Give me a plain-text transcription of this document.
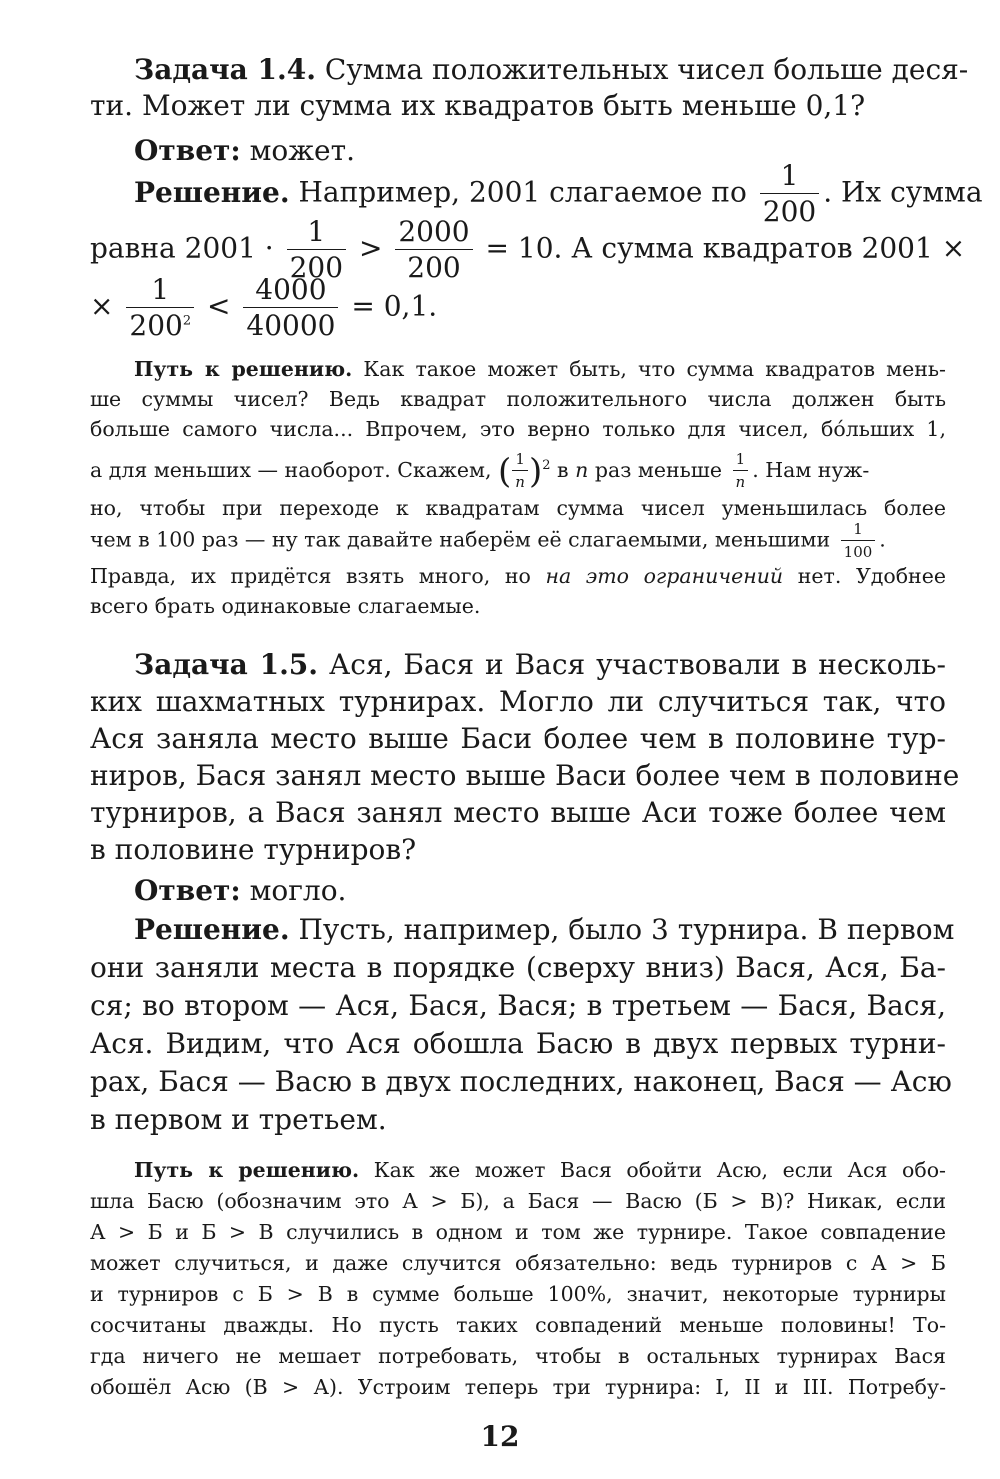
Задача 1.4. Сумма положительных чисел больше деся-
ти. Может ли сумма их квадратов быть меньше 0,1?
Ответ: может.
Решение. Например, 2001 слагаемое по $\frac{1}{200}$ . Их сумма
равна $2001 \cdot \frac{1}{200} > \frac{2000}{200} = 10$. А сумма квадратов 2001 ×
× $\frac{1}{200^2} < \frac{4000}{40000} = 0,1$.
Путь к решению. Как такое может быть, что сумма квадратов мень-
ше суммы чисел? Ведь квадрат положительного числа должен быть
больше самого числа... Впрочем, это верно только для чисел, бо́льших 1,
а для меньших — наоборот. Скажем, ( $\frac{1}{n} )^2$ в n раз меньше $\frac{1}{n}$ . Нам нуж-
но, чтобы при переходе к квадратам сумма чисел уменьшилась более
чем в 100 раз — ну так давайте наберём её слагаемыми, меньшими $\frac{1}{100}$ .
Правда, их придётся взять много, но на это ограничений нет. Удобнее
всего брать одинаковые слагаемые.
Задача 1.5. Ася, Бася и Вася участвовали в несколь-
ких шахматных турнирах. Могло ли случиться так, что
Ася заняла место выше Баси более чем в половине тур-
ниров, Бася занял место выше Васи более чем в половине
турниров, а Вася занял место выше Аси тоже более чем
в половине турниров?
Ответ: могло.
Решение. Пусть, например, было 3 турнира. В первом
они заняли места в порядке (сверху вниз) Вася, Ася, Ба-
ся; во втором — Ася, Бася, Вася; в третьем — Бася, Вася,
Ася. Видим, что Ася обошла Басю в двух первых турни-
рах, Бася — Васю в двух последних, наконец, Вася — Асю
в первом и третьем.
Путь к решению. Как же может Вася обойти Асю, если Ася обо-
шла Басю (обозначим это А > Б), а Бася — Васю (Б > В)? Никак, если
А > Б и Б > В случились в одном и том же турнире. Такое совпадение
может случиться, и даже случится обязательно: ведь турниров с А > Б
и турниров с Б > В в сумме больше 100%, значит, некоторые турниры
сосчитаны дважды. Но пусть таких совпадений меньше половины! То-
гда ничего не мешает потребовать, чтобы в остальных турнирах Вася
обошёл Асю (В > А). Устроим теперь три турнира: I, II и III. Потребу-
12
